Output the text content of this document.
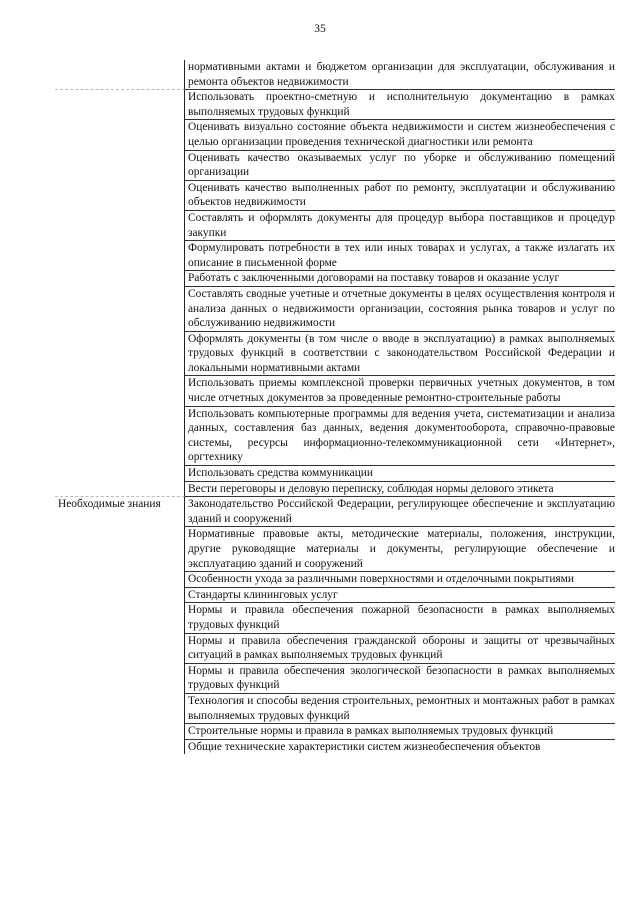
35
нормативными актами и бюджетом организации для эксплуатации, обслуживания и ремонта объектов недвижимости
Использовать проектно-сметную и исполнительную документацию в рамках выполняемых трудовых функций
Оценивать визуально состояние объекта недвижимости и систем жизнеобеспечения с целью организации проведения технической диагностики или ремонта
Оценивать качество оказываемых услуг по уборке и обслуживанию помещений организации
Оценивать качество выполненных работ по ремонту, эксплуатации и обслуживанию объектов недвижимости
Составлять и оформлять документы для процедур выбора поставщиков и процедур закупки
Формулировать потребности в тех или иных товарах и услугах, а также излагать их описание в письменной форме
Работать с заключенными договорами на поставку товаров и оказание услуг
Составлять сводные учетные и отчетные документы в целях осуществления контроля и анализа данных о недвижимости организации, состояния рынка товаров и услуг по обслуживанию недвижимости
Оформлять документы (в том числе о вводе в эксплуатацию) в рамках выполняемых трудовых функций в соответствии с законодательством Российской Федерации и локальными нормативными актами
Использовать приемы комплексной проверки первичных учетных документов, в том числе отчетных документов за проведенные ремонтно-строительные работы
Использовать компьютерные программы для ведения учета, систематизации и анализа данных, составления баз данных, ведения документооборота, справочно-правовые системы, ресурсы информационно-телекоммуникационной сети «Интернет», оргтехнику
Использовать средства коммуникации
Вести переговоры и деловую переписку, соблюдая нормы делового этикета
Необходимые знания	Законодательство Российской Федерации, регулирующее обеспечение и эксплуатацию зданий и сооружений
Нормативные правовые акты, методические материалы, положения, инструкции, другие руководящие материалы и документы, регулирующие обеспечение и эксплуатацию зданий и сооружений
Особенности ухода за различными поверхностями и отделочными покрытиями
Стандарты клининговых услуг
Нормы и правила обеспечения пожарной безопасности в рамках выполняемых трудовых функций
Нормы и правила обеспечения гражданской обороны и защиты от чрезвычайных ситуаций в рамках выполняемых трудовых функций
Нормы и правила обеспечения экологической безопасности в рамках выполняемых трудовых функций
Технология и способы ведения строительных, ремонтных и монтажных работ в рамках выполняемых трудовых функций
Строительные нормы и правила в рамках выполняемых трудовых функций
Общие технические характеристики систем жизнеобеспечения объектов
